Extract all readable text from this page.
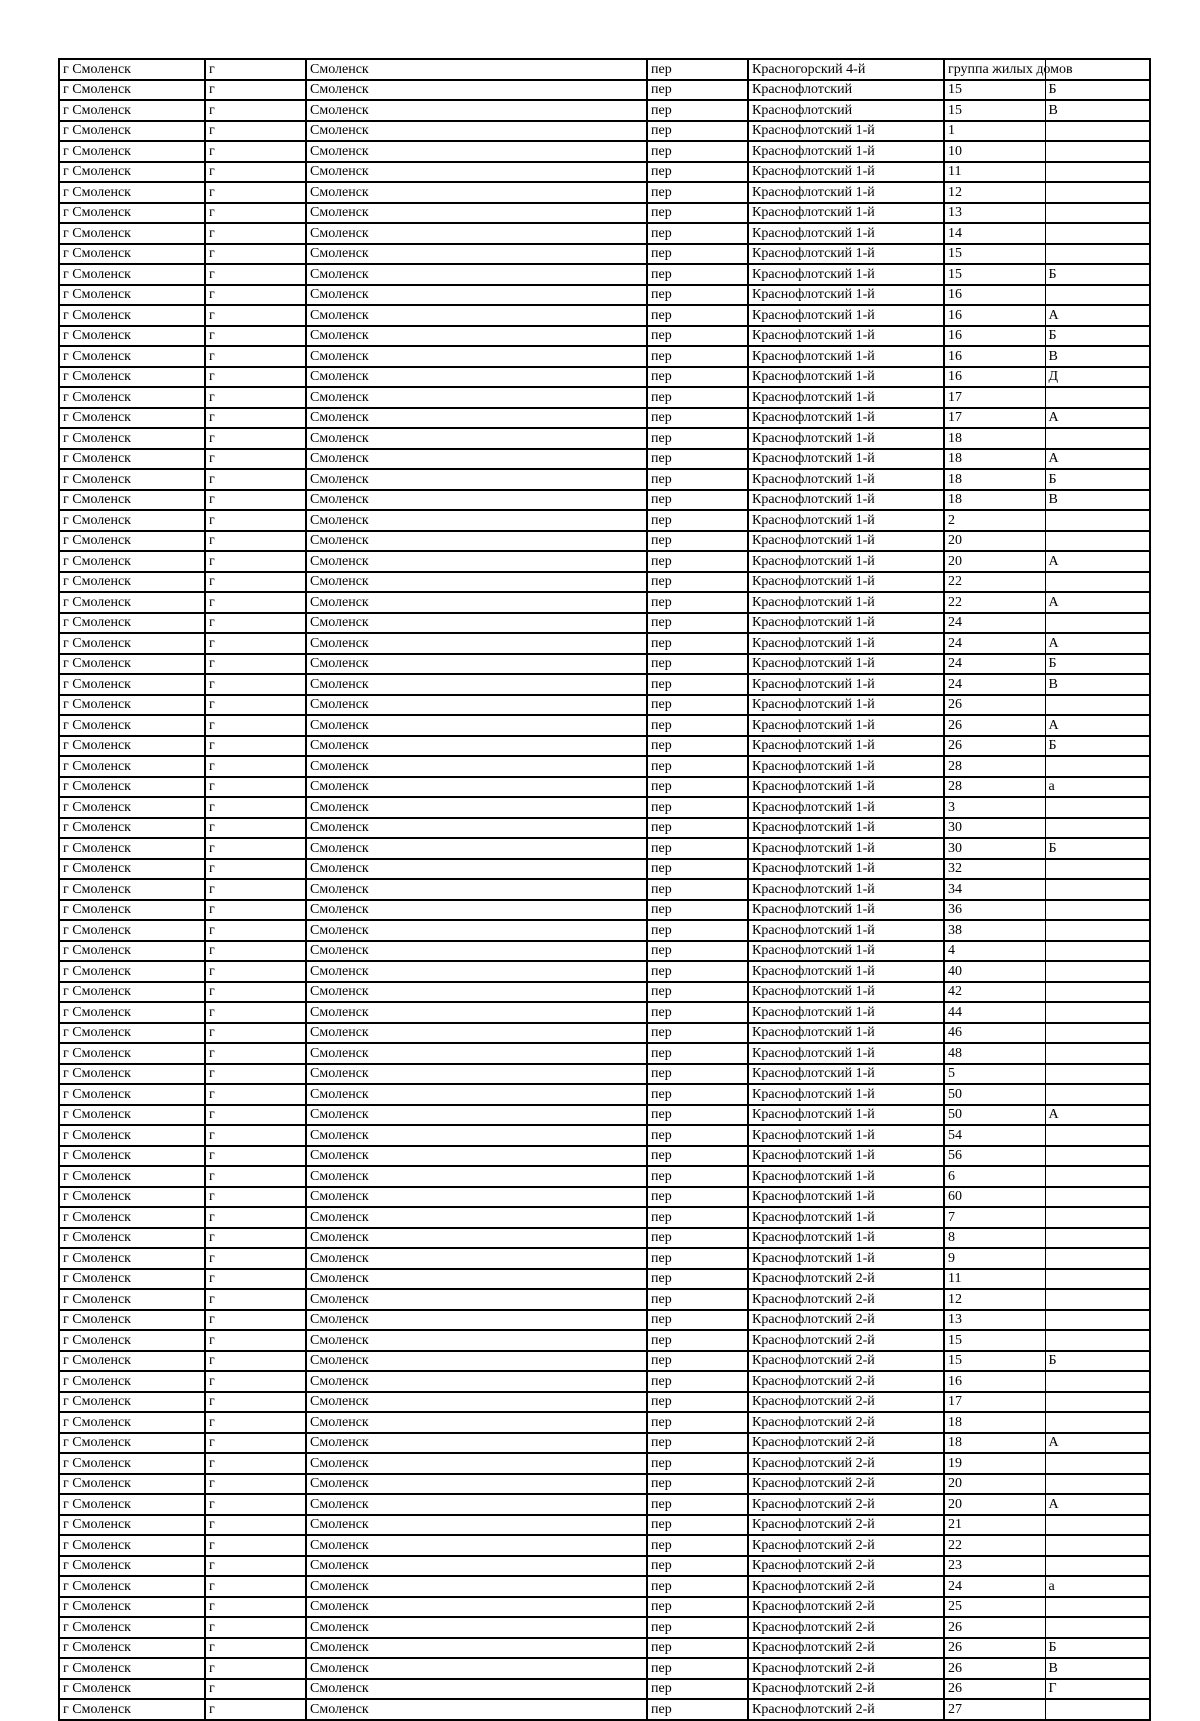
г Смоленск	г	Смоленск	пер	Красногорский 4-й	группа жилых домов	
г Смоленск	г	Смоленск	пер	Краснофлотский	15	Б
г Смоленск	г	Смоленск	пер	Краснофлотский	15	В
г Смоленск	г	Смоленск	пер	Краснофлотский 1-й	1	
г Смоленск	г	Смоленск	пер	Краснофлотский 1-й	10	
г Смоленск	г	Смоленск	пер	Краснофлотский 1-й	11	
г Смоленск	г	Смоленск	пер	Краснофлотский 1-й	12	
г Смоленск	г	Смоленск	пер	Краснофлотский 1-й	13	
г Смоленск	г	Смоленск	пер	Краснофлотский 1-й	14	
г Смоленск	г	Смоленск	пер	Краснофлотский 1-й	15	
г Смоленск	г	Смоленск	пер	Краснофлотский 1-й	15	Б
г Смоленск	г	Смоленск	пер	Краснофлотский 1-й	16	
г Смоленск	г	Смоленск	пер	Краснофлотский 1-й	16	А
г Смоленск	г	Смоленск	пер	Краснофлотский 1-й	16	Б
г Смоленск	г	Смоленск	пер	Краснофлотский 1-й	16	В
г Смоленск	г	Смоленск	пер	Краснофлотский 1-й	16	Д
г Смоленск	г	Смоленск	пер	Краснофлотский 1-й	17	
г Смоленск	г	Смоленск	пер	Краснофлотский 1-й	17	А
г Смоленск	г	Смоленск	пер	Краснофлотский 1-й	18	
г Смоленск	г	Смоленск	пер	Краснофлотский 1-й	18	А
г Смоленск	г	Смоленск	пер	Краснофлотский 1-й	18	Б
г Смоленск	г	Смоленск	пер	Краснофлотский 1-й	18	В
г Смоленск	г	Смоленск	пер	Краснофлотский 1-й	2	
г Смоленск	г	Смоленск	пер	Краснофлотский 1-й	20	
г Смоленск	г	Смоленск	пер	Краснофлотский 1-й	20	А
г Смоленск	г	Смоленск	пер	Краснофлотский 1-й	22	
г Смоленск	г	Смоленск	пер	Краснофлотский 1-й	22	А
г Смоленск	г	Смоленск	пер	Краснофлотский 1-й	24	
г Смоленск	г	Смоленск	пер	Краснофлотский 1-й	24	А
г Смоленск	г	Смоленск	пер	Краснофлотский 1-й	24	Б
г Смоленск	г	Смоленск	пер	Краснофлотский 1-й	24	В
г Смоленск	г	Смоленск	пер	Краснофлотский 1-й	26	
г Смоленск	г	Смоленск	пер	Краснофлотский 1-й	26	А
г Смоленск	г	Смоленск	пер	Краснофлотский 1-й	26	Б
г Смоленск	г	Смоленск	пер	Краснофлотский 1-й	28	
г Смоленск	г	Смоленск	пер	Краснофлотский 1-й	28	а
г Смоленск	г	Смоленск	пер	Краснофлотский 1-й	3	
г Смоленск	г	Смоленск	пер	Краснофлотский 1-й	30	
г Смоленск	г	Смоленск	пер	Краснофлотский 1-й	30	Б
г Смоленск	г	Смоленск	пер	Краснофлотский 1-й	32	
г Смоленск	г	Смоленск	пер	Краснофлотский 1-й	34	
г Смоленск	г	Смоленск	пер	Краснофлотский 1-й	36	
г Смоленск	г	Смоленск	пер	Краснофлотский 1-й	38	
г Смоленск	г	Смоленск	пер	Краснофлотский 1-й	4	
г Смоленск	г	Смоленск	пер	Краснофлотский 1-й	40	
г Смоленск	г	Смоленск	пер	Краснофлотский 1-й	42	
г Смоленск	г	Смоленск	пер	Краснофлотский 1-й	44	
г Смоленск	г	Смоленск	пер	Краснофлотский 1-й	46	
г Смоленск	г	Смоленск	пер	Краснофлотский 1-й	48	
г Смоленск	г	Смоленск	пер	Краснофлотский 1-й	5	
г Смоленск	г	Смоленск	пер	Краснофлотский 1-й	50	
г Смоленск	г	Смоленск	пер	Краснофлотский 1-й	50	А
г Смоленск	г	Смоленск	пер	Краснофлотский 1-й	54	
г Смоленск	г	Смоленск	пер	Краснофлотский 1-й	56	
г Смоленск	г	Смоленск	пер	Краснофлотский 1-й	6	
г Смоленск	г	Смоленск	пер	Краснофлотский 1-й	60	
г Смоленск	г	Смоленск	пер	Краснофлотский 1-й	7	
г Смоленск	г	Смоленск	пер	Краснофлотский 1-й	8	
г Смоленск	г	Смоленск	пер	Краснофлотский 1-й	9	
г Смоленск	г	Смоленск	пер	Краснофлотский 2-й	11	
г Смоленск	г	Смоленск	пер	Краснофлотский 2-й	12	
г Смоленск	г	Смоленск	пер	Краснофлотский 2-й	13	
г Смоленск	г	Смоленск	пер	Краснофлотский 2-й	15	
г Смоленск	г	Смоленск	пер	Краснофлотский 2-й	15	Б
г Смоленск	г	Смоленск	пер	Краснофлотский 2-й	16	
г Смоленск	г	Смоленск	пер	Краснофлотский 2-й	17	
г Смоленск	г	Смоленск	пер	Краснофлотский 2-й	18	
г Смоленск	г	Смоленск	пер	Краснофлотский 2-й	18	А
г Смоленск	г	Смоленск	пер	Краснофлотский 2-й	19	
г Смоленск	г	Смоленск	пер	Краснофлотский 2-й	20	
г Смоленск	г	Смоленск	пер	Краснофлотский 2-й	20	А
г Смоленск	г	Смоленск	пер	Краснофлотский 2-й	21	
г Смоленск	г	Смоленск	пер	Краснофлотский 2-й	22	
г Смоленск	г	Смоленск	пер	Краснофлотский 2-й	23	
г Смоленск	г	Смоленск	пер	Краснофлотский 2-й	24	а
г Смоленск	г	Смоленск	пер	Краснофлотский 2-й	25	
г Смоленск	г	Смоленск	пер	Краснофлотский 2-й	26	
г Смоленск	г	Смоленск	пер	Краснофлотский 2-й	26	Б
г Смоленск	г	Смоленск	пер	Краснофлотский 2-й	26	В
г Смоленск	г	Смоленск	пер	Краснофлотский 2-й	26	Г
г Смоленск	г	Смоленск	пер	Краснофлотский 2-й	27	
